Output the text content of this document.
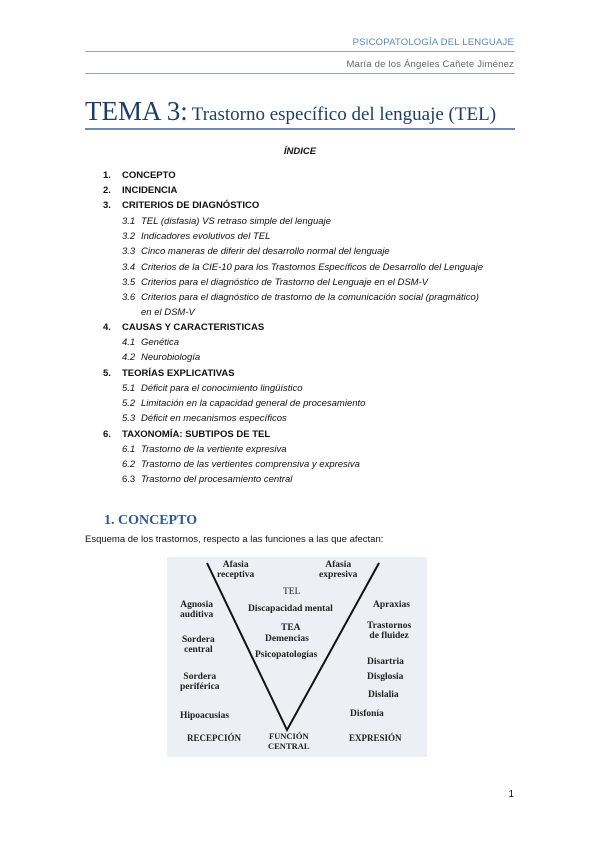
PSICOPATOLOGÍA DEL LENGUAJE
María de los Ángeles Cañete Jiménez
TEMA 3: Trastorno específico del lenguaje (TEL)
ÍNDICE
1. CONCEPTO
2. INCIDENCIA
3. CRITERIOS DE DIAGNÓSTICO
3.1 TEL (disfasia) VS retraso simple del lenguaje
3.2 Indicadores evolutivos del TEL
3.3 Cinco maneras de diferir del desarrollo normal del lenguaje
3.4 Criterios de la CIE-10 para los Trastornos Específicos de Desarrollo del Lenguaje
3.5 Criterios para el diagnóstico de Trastorno del Lenguaje en el DSM-V
3.6 Criterios para el diagnóstico de trastorno de la comunicación social (pragmático)
en el DSM-V
4. CAUSAS Y CARACTERISTICAS
4.1 Genética
4.2 Neurobiología
5. TEORÍAS EXPLICATIVAS
5.1 Déficit para el conocimiento lingüístico
5.2 Limitación en la capacidad general de procesamiento
5.3 Déficit en mecanismos específicos
6. TAXONOMÍA: SUBTIPOS DE TEL
6.1 Trastorno de la vertiente expresiva
6.2 Trastorno de las vertientes comprensiva y expresiva
6.3 Trastorno del procesamiento central
1. CONCEPTO
Esquema de los trastornos, respecto a las funciones a las que afectan:
Afasia
receptiva
Afasia
expresiva
Agnosia
auditiva
Sordera
central
Sordera
periférica
Hipoacusias
RECEPCIÓN
TEL
Discapacidad mental
TEA
Demencias
Psicopatologías
FUNCIÓN
CENTRAL
Apraxias
Trastornos
de fluidez
Disartria
Disglosia
Dislalia
Disfonía
EXPRESIÓN
1
